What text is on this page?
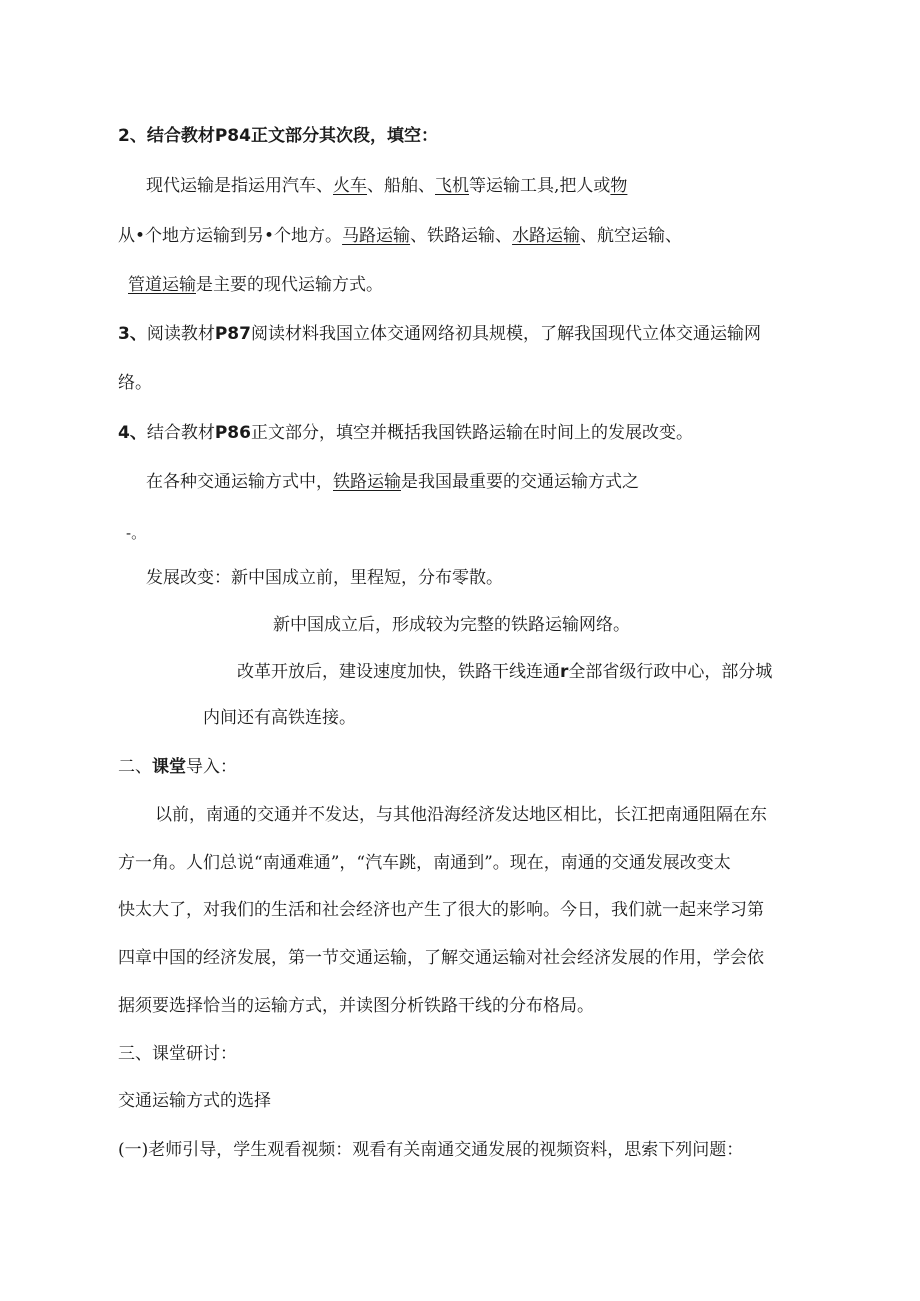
2、结合教材P84正文部分其次段，填空：
现代运输是指运用汽车、火车、船舶、飞机等运输工具,把人或物
从•个地方运输到另•个地方。马路运输、铁路运输、水路运输、航空运输、
管道运输是主要的现代运输方式。
3、阅读教材P87阅读材料我国立体交通网络初具规模，了解我国现代立体交通运输网
络。
4、结合教材P86正文部分，填空并概括我国铁路运输在时间上的发展改变。
在各种交通运输方式中，铁路运输是我国最重要的交通运输方式之
-。
发展改变：新中国成立前，里程短，分布零散。
新中国成立后，形成较为完整的铁路运输网络。
改革开放后，建设速度加快，铁路干线连通r全部省级行政中心，部分城
内间还有高铁连接。
二、课堂导入：
以前，南通的交通并不发达，与其他沿海经济发达地区相比，长江把南通阻隔在东
方一角。人们总说“南通难通”，“汽车跳，南通到”。现在，南通的交通发展改变太
快太大了，对我们的生活和社会经济也产生了很大的影响。今日，我们就一起来学习第
四章中国的经济发展，第一节交通运输，了解交通运输对社会经济发展的作用，学会依
据须要选择恰当的运输方式，并读图分析铁路干线的分布格局。
三、课堂研讨：
交通运输方式的选择
(一)老师引导，学生观看视频：观看有关南通交通发展的视频资料，思索下列问题：
